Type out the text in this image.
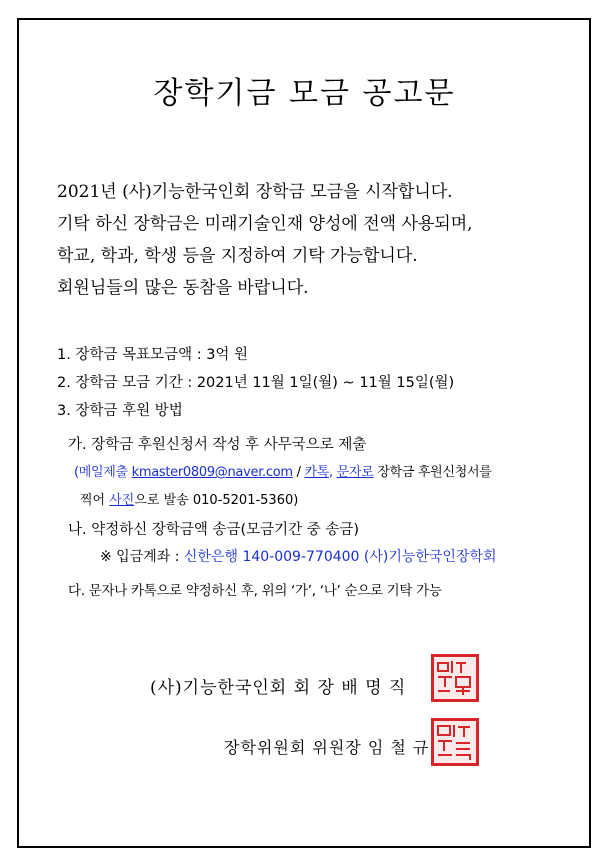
장학기금 모금 공고문
2021년 (사)기능한국인회 장학금 모금을 시작합니다.
기탁 하신 장학금은 미래기술인재 양성에 전액 사용되며,
학교, 학과, 학생 등을 지정하여 기탁 가능합니다.
회원님들의 많은 동참을 바랍니다.
1. 장학금 목표모금액 : 3억 원
2. 장학금 모금 기간 : 2021년 11월 1일(월) ~ 11월 15일(월)
3. 장학금 후원 방법
가. 장학금 후원신청서 작성 후 사무국으로 제출
(메일제출 kmaster0809@naver.com / 카톡, 문자로 장학금 후원신청서를
찍어 사진으로 발송 010-5201-5360)
나. 약정하신 장학금액 송금(모금기간 중 송금)
※ 입금계좌 : 신한은행 140-009-770400 (사)기능한국인장학회
다. 문자나 카톡으로 약정하신 후, 위의 ‘가’, ‘나’ 순으로 기탁 가능
(사)기능한국인회 회 장 배 명 직
장학위원회 위원장 임 철 규
